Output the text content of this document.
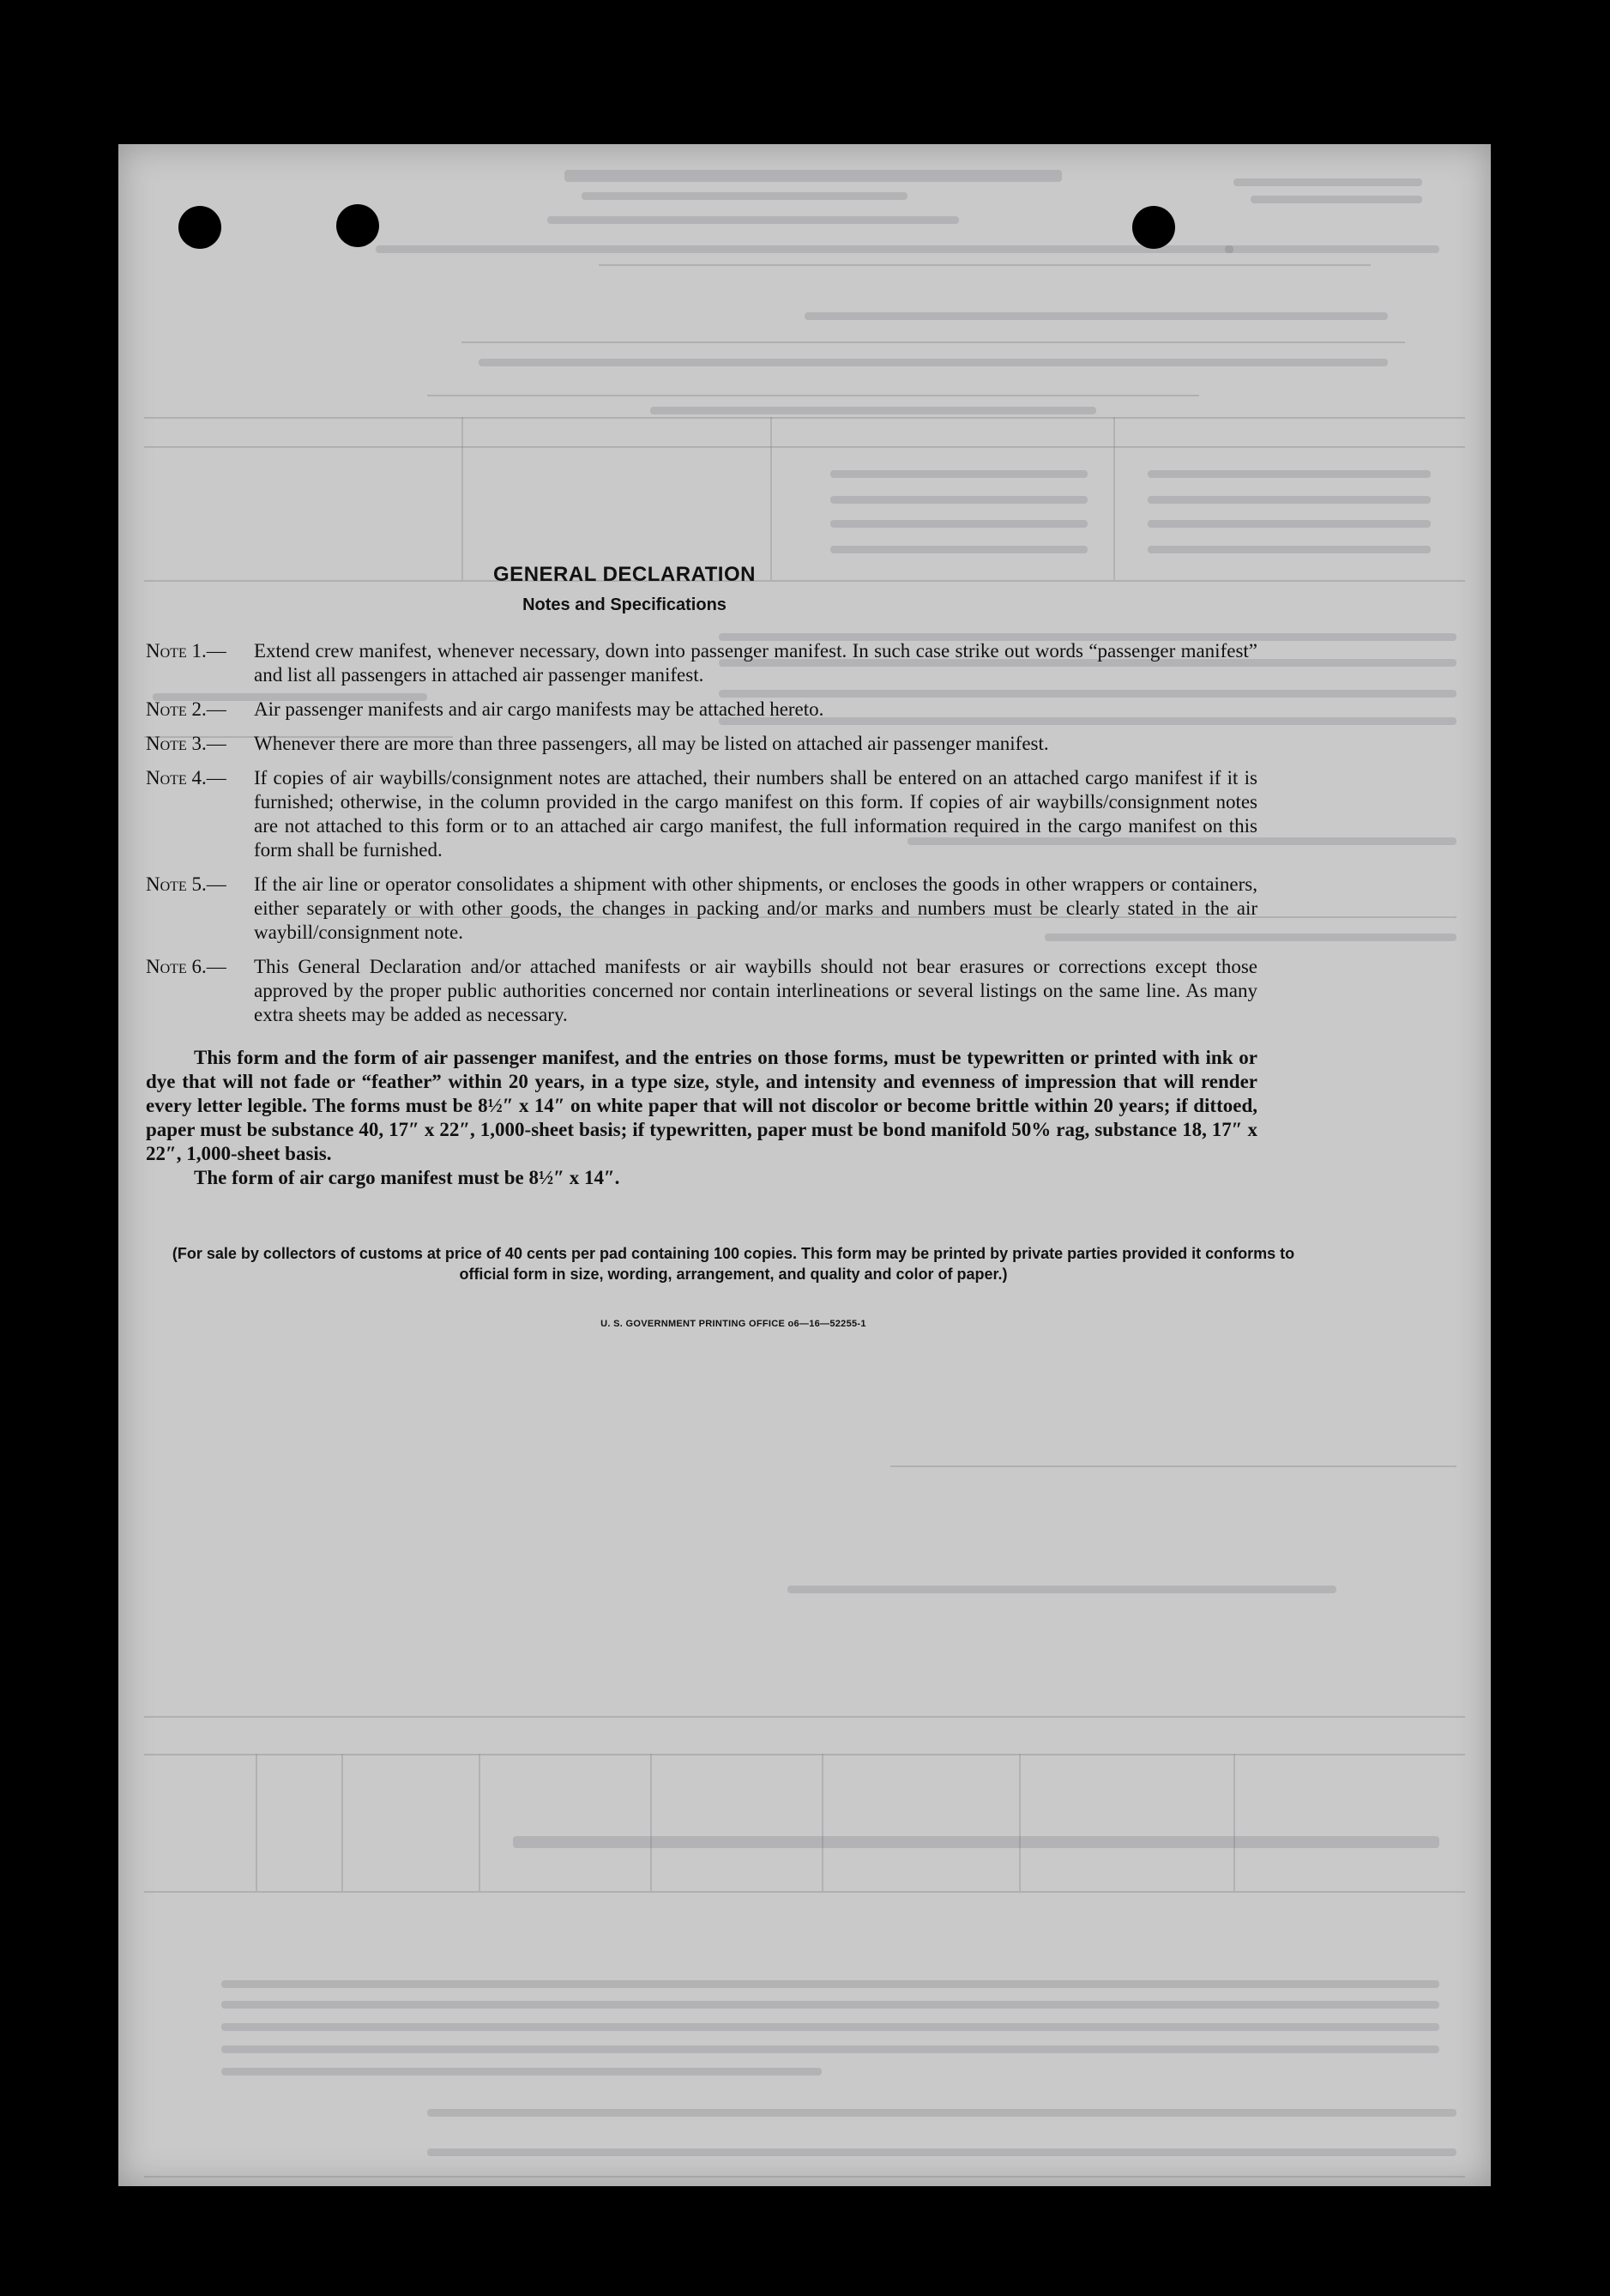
GENERAL DECLARATION
Notes and Specifications
Note 1.—	Extend crew manifest, whenever necessary, down into passenger manifest. In such case strike out words “passenger manifest” and list all passengers in attached air passenger manifest.
Note 2.—	Air passenger manifests and air cargo manifests may be attached hereto.
Note 3.—	Whenever there are more than three passengers, all may be listed on attached air passenger manifest.
Note 4.—	If copies of air waybills/consignment notes are attached, their numbers shall be entered on an attached cargo manifest if it is furnished; otherwise, in the column provided in the cargo manifest on this form. If copies of air waybills/consignment notes are not attached to this form or to an attached air cargo manifest, the full information required in the cargo manifest on this form shall be furnished.
Note 5.—	If the air line or operator consolidates a shipment with other shipments, or encloses the goods in other wrappers or containers, either separately or with other goods, the changes in packing and/or marks and numbers must be clearly stated in the air waybill/consignment note.
Note 6.—	This General Declaration and/or attached manifests or air waybills should not bear erasures or corrections except those approved by the proper public authorities concerned nor contain interlineations or several listings on the same line. As many extra sheets may be added as necessary.
This form and the form of air passenger manifest, and the entries on those forms, must be typewritten or printed with ink or dye that will not fade or “feather” within 20 years, in a type size, style, and intensity and evenness of impression that will render every letter legible. The forms must be 8½″ x 14″ on white paper that will not discolor or become brittle within 20 years; if dittoed, paper must be substance 40, 17″ x 22″, 1,000-sheet basis; if typewritten, paper must be bond manifold 50% rag, substance 18, 17″ x 22″, 1,000-sheet basis.
The form of air cargo manifest must be 8½″ x 14″.
(For sale by collectors of customs at price of 40 cents per pad containing 100 copies. This form may be printed by private parties provided it conforms to official form in size, wording, arrangement, and quality and color of paper.)
U. S. GOVERNMENT PRINTING OFFICE o6—16—52255-1
